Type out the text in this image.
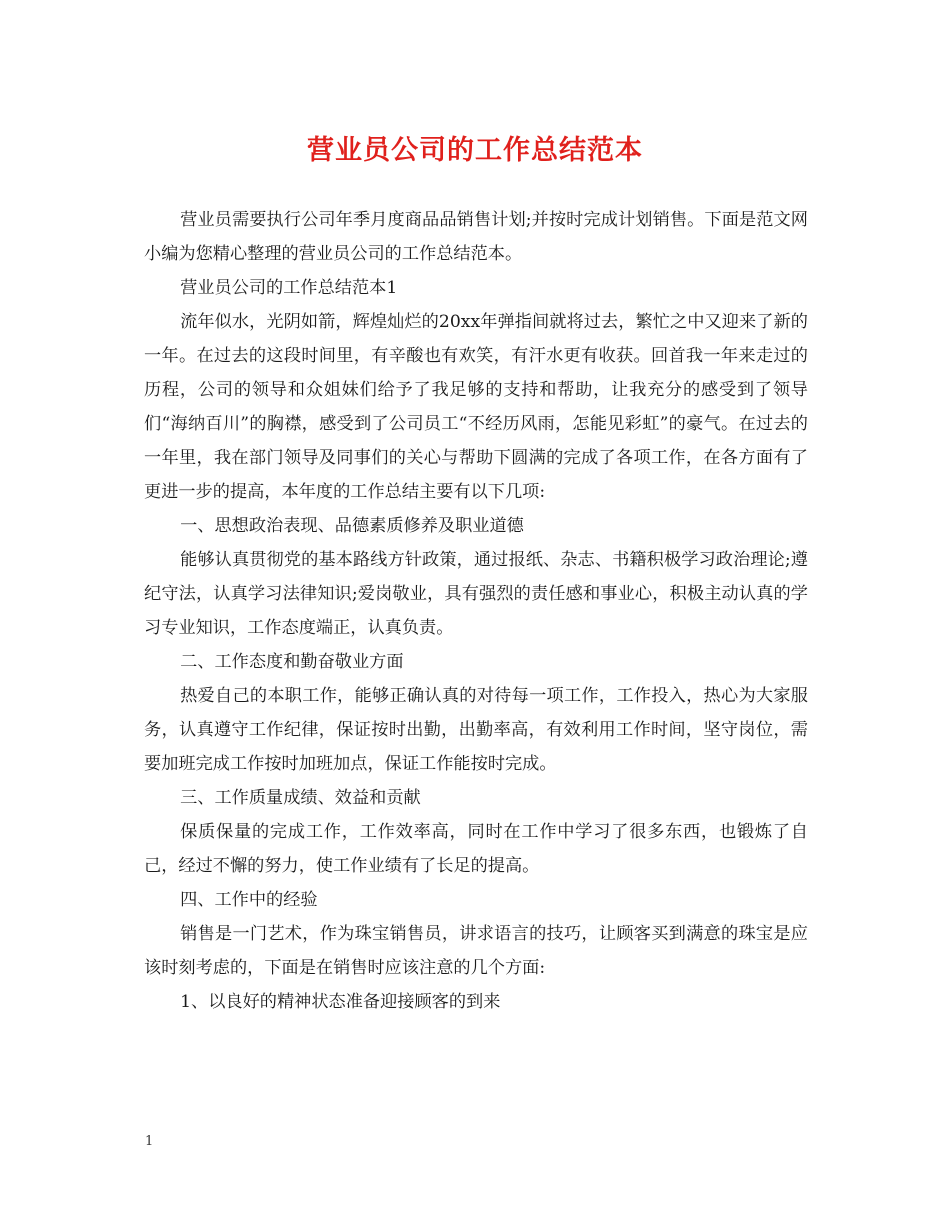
营业员公司的工作总结范本

营业员需要执行公司年季月度商品品销售计划;并按时完成计划销售。下面是范文网小编为您精心整理的营业员公司的工作总结范本。

营业员公司的工作总结范本1

流年似水，光阴如箭，辉煌灿烂的20xx年弹指间就将过去，繁忙之中又迎来了新的一年。在过去的这段时间里，有辛酸也有欢笑，有汗水更有收获。回首我一年来走过的历程，公司的领导和众姐妹们给予了我足够的支持和帮助，让我充分的感受到了领导们“海纳百川”的胸襟，感受到了公司员工“不经历风雨，怎能见彩虹”的豪气。在过去的一年里，我在部门领导及同事们的关心与帮助下圆满的完成了各项工作，在各方面有了更进一步的提高，本年度的工作总结主要有以下几项:

一、思想政治表现、品德素质修养及职业道德

能够认真贯彻党的基本路线方针政策，通过报纸、杂志、书籍积极学习政治理论;遵纪守法，认真学习法律知识;爱岗敬业，具有强烈的责任感和事业心，积极主动认真的学习专业知识，工作态度端正，认真负责。

二、工作态度和勤奋敬业方面

热爱自己的本职工作，能够正确认真的对待每一项工作，工作投入，热心为大家服务，认真遵守工作纪律，保证按时出勤，出勤率高，有效利用工作时间，坚守岗位，需要加班完成工作按时加班加点，保证工作能按时完成。

三、工作质量成绩、效益和贡献

保质保量的完成工作，工作效率高，同时在工作中学习了很多东西，也锻炼了自己，经过不懈的努力，使工作业绩有了长足的提高。

四、工作中的经验

销售是一门艺术，作为珠宝销售员，讲求语言的技巧，让顾客买到满意的珠宝是应该时刻考虑的，下面是在销售时应该注意的几个方面:

1、以良好的精神状态准备迎接顾客的到来

1
